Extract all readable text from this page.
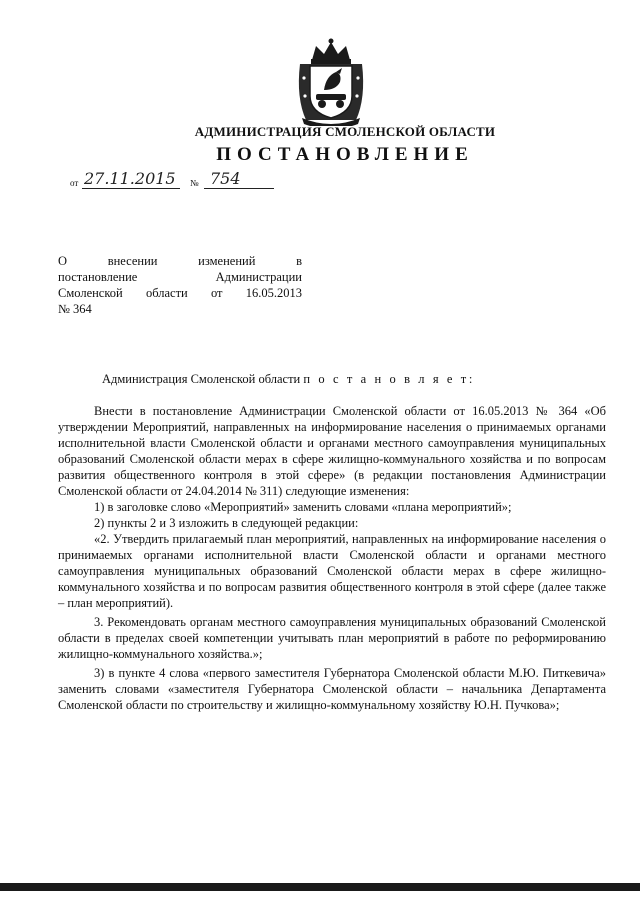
АДМИНИСТРАЦИЯ СМОЛЕНСКОЙ ОБЛАСТИ
ПОСТАНОВЛЕНИЕ
от 27.11.2015 № 754
О внесении изменений в
постановление Администрации
Смоленской области от 16.05.2013
№ 364
Администрация Смоленской области п о с т а н о в л я е т:

Внести в постановление Администрации Смоленской области от 16.05.2013 № 364 «Об утверждении Мероприятий, направленных на информирование населения о принимаемых органами исполнительной власти Смоленской области и органами местного самоуправления муниципальных образований Смоленской области мерах в сфере жилищно-коммунального хозяйства и по вопросам развития общественного контроля в этой сфере» (в редакции постановления Администрации Смоленской области от 24.04.2014 № 311) следующие изменения:

1) в заголовке слово «Мероприятий» заменить словами «плана мероприятий»;

2) пункты 2 и 3 изложить в следующей редакции:

«2. Утвердить прилагаемый план мероприятий, направленных на информирование населения о принимаемых органами исполнительной власти Смоленской области и органами местного самоуправления муниципальных образований Смоленской области мерах в сфере жилищно-коммунального хозяйства и по вопросам развития общественного контроля в этой сфере (далее также – план мероприятий).

3. Рекомендовать органам местного самоуправления муниципальных образований Смоленской области в пределах своей компетенции учитывать план мероприятий в работе по реформированию жилищно-коммунального хозяйства.»;

3) в пункте 4 слова «первого заместителя Губернатора Смоленской области М.Ю. Питкевича» заменить словами «заместителя Губернатора Смоленской области – начальника Департамента Смоленской области по строительству и жилищно-коммунальному хозяйству Ю.Н. Пучкова»;
